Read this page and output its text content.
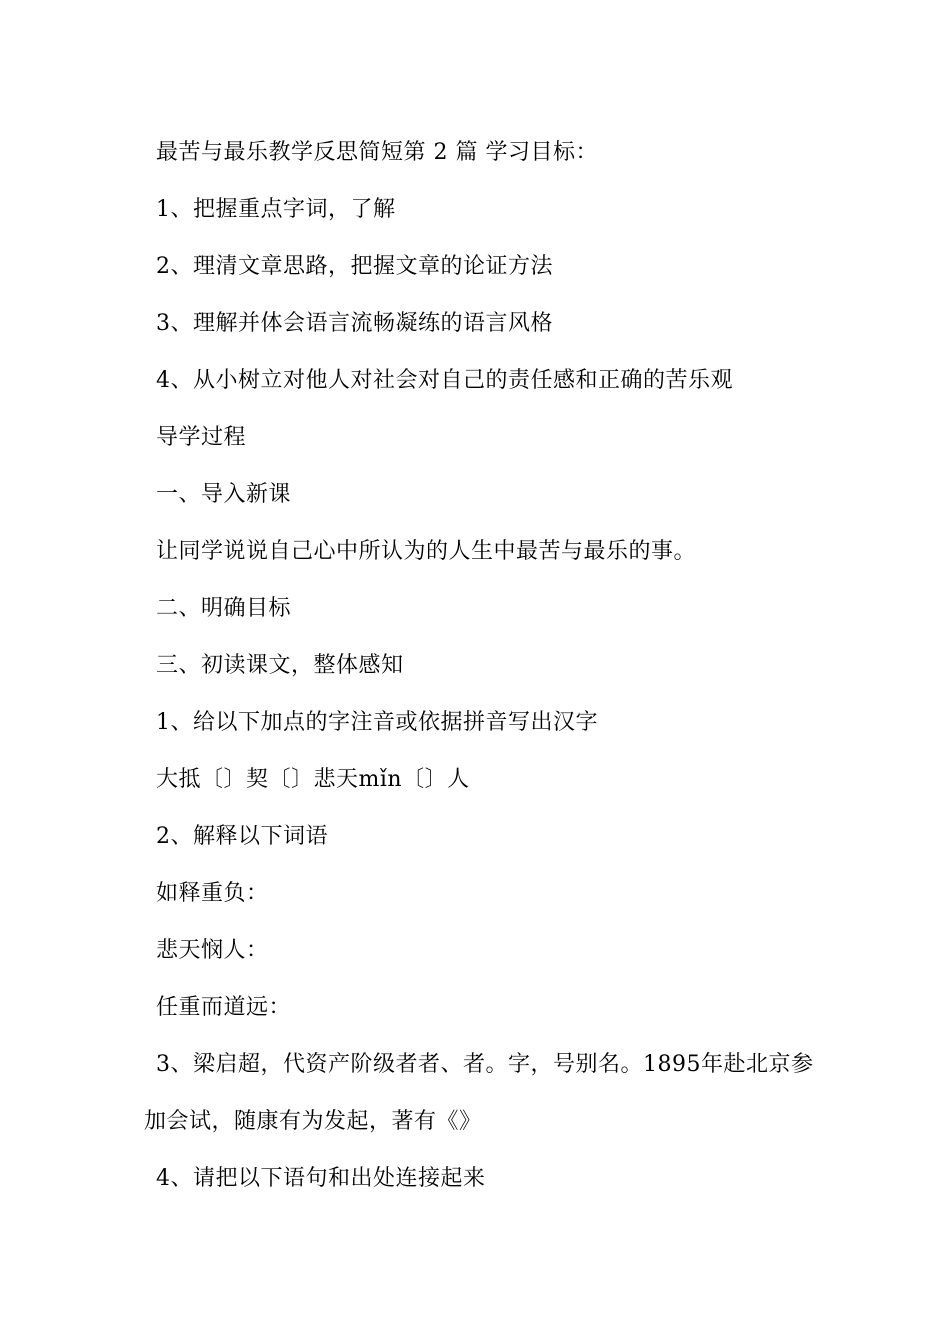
最苦与最乐教学反思简短第 2 篇 学习目标：
1、把握重点字词，了解
2、理清文章思路，把握文章的论证方法
3、理解并体会语言流畅凝练的语言风格
4、从小树立对他人对社会对自己的责任感和正确的苦乐观
导学过程
一、导入新课
让同学说说自己心中所认为的人生中最苦与最乐的事。
二、明确目标
三、初读课文，整体感知
1、给以下加点的字注音或依据拼音写出汉字
大抵〔〕契〔〕悲天mǐn〔〕人
2、解释以下词语
如释重负：
悲天悯人：
任重而道远：
3、梁启超，代资产阶级者者、者。字，号别名。1895年赴北京参
加会试，随康有为发起，著有《》
4、请把以下语句和出处连接起来
